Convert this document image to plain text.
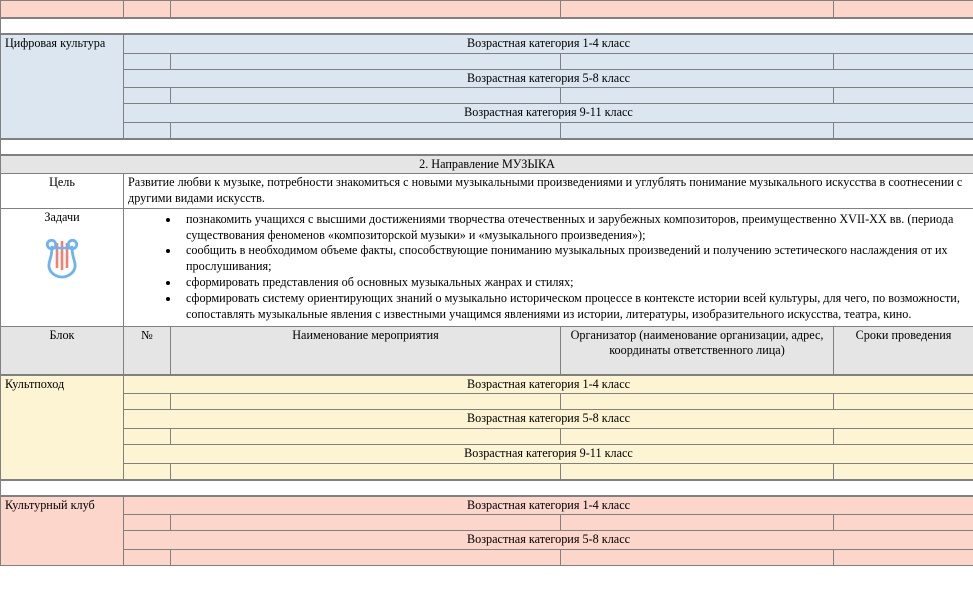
Цифровая культура	Возрастная категория 1-4 класс			

	Возрастная категория 5-8 класс			

	Возрастная категория 9-11 класс			

2. Направление МУЗЫКА				
Цель	Развитие любви к музыке, потребности знакомиться с новыми музыкальными произведениями и углублять понимание музыкального искусства в соотнесении с другими видами искусств.			

Задачи

•познакомить учащихся с высшими достижениями творчества отечественных и зарубежных композиторов, преимущественно XVII-XX вв. (периода существования феноменов «композиторской музыки» и «музыкального произведения»);
• сообщить в необходимом объеме факты, способствующие пониманию музыкальных произведений и получению эстетического наслаждения от их прослушивания;
• сформировать представления об основных музыкальных жанрах и стилях;
• сформировать систему ориентирующих знаний о музыкально историческом процессе в контексте истории всей культуры, для чего, по возможности, сопоставлять музыкальные явления с известными учащимся явлениями из истории, литературы, изобразительного искусства, театра, кино.

Блок	№	Наименование мероприятия	Организатор (наименование организации, адрес, координаты ответственного лица)	Сроки проведения
Культпоход	Возрастная категория 1-4 класс			

	Возрастная категория 5-8 класс			

	Возрастная категория 9-11 класс			

Культурный клуб	Возрастная категория 1-4 класс			

	Возрастная категория 5-8 класс			
